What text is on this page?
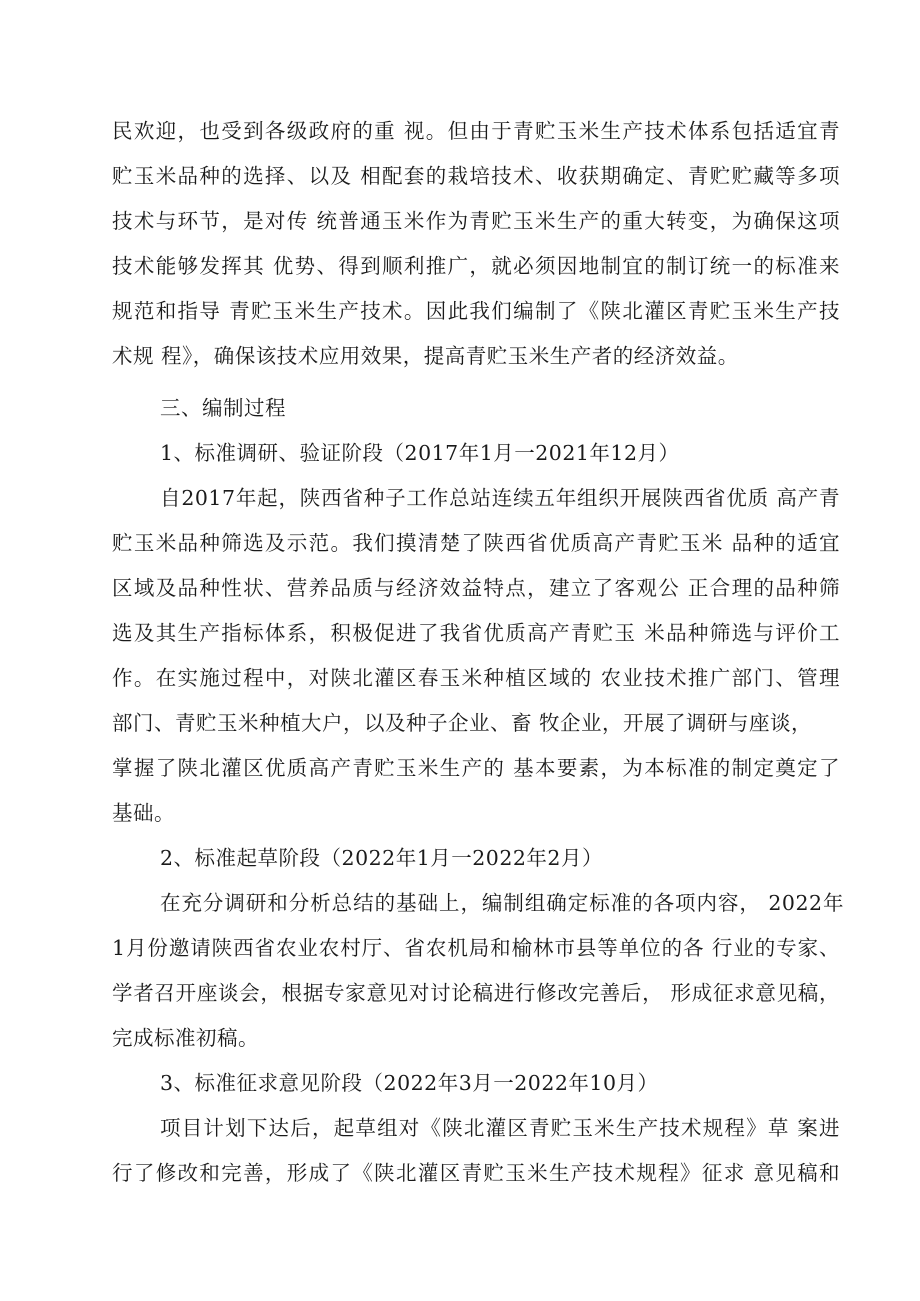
民欢迎，也受到各级政府的重 视。但由于青贮玉米生产技术体系包括适宜青
贮玉米品种的选择、以及 相配套的栽培技术、收获期确定、青贮贮藏等多项
技术与环节，是对传 统普通玉米作为青贮玉米生产的重大转变，为确保这项
技术能够发挥其 优势、得到顺利推广，就必须因地制宜的制订统一的标准来
规范和指导 青贮玉米生产技术。因此我们编制了《陕北灌区青贮玉米生产技
术规 程》，确保该技术应用效果，提高青贮玉米生产者的经济效益。
三、编制过程
1、标准调研、验证阶段（2017年1月一2021年12月）
自2017年起，陕西省种子工作总站连续五年组织开展陕西省优质 高产青
贮玉米品种筛选及示范。我们摸清楚了陕西省优质高产青贮玉米 品种的适宜
区域及品种性状、营养品质与经济效益特点，建立了客观公 正合理的品种筛
选及其生产指标体系，积极促进了我省优质高产青贮玉 米品种筛选与评价工
作。在实施过程中，对陕北灌区春玉米种植区域的 农业技术推广部门、管理
部门、青贮玉米种植大户，以及种子企业、畜 牧企业，开展了调研与座谈，
掌握了陕北灌区优质高产青贮玉米生产的 基本要素，为本标准的制定奠定了
基础。
2、标准起草阶段（2022年1月一2022年2月）
在充分调研和分析总结的基础上，编制组确定标准的各项内容， 2022年
1月份邀请陕西省农业农村厅、省农机局和榆林市县等单位的各 行业的专家、
学者召开座谈会，根据专家意见对讨论稿进行修改完善后， 形成征求意见稿，
完成标准初稿。
3、标准征求意见阶段（2022年3月一2022年10月）
项目计划下达后，起草组对《陕北灌区青贮玉米生产技术规程》草 案进
行了修改和完善，形成了《陕北灌区青贮玉米生产技术规程》征求 意见稿和
